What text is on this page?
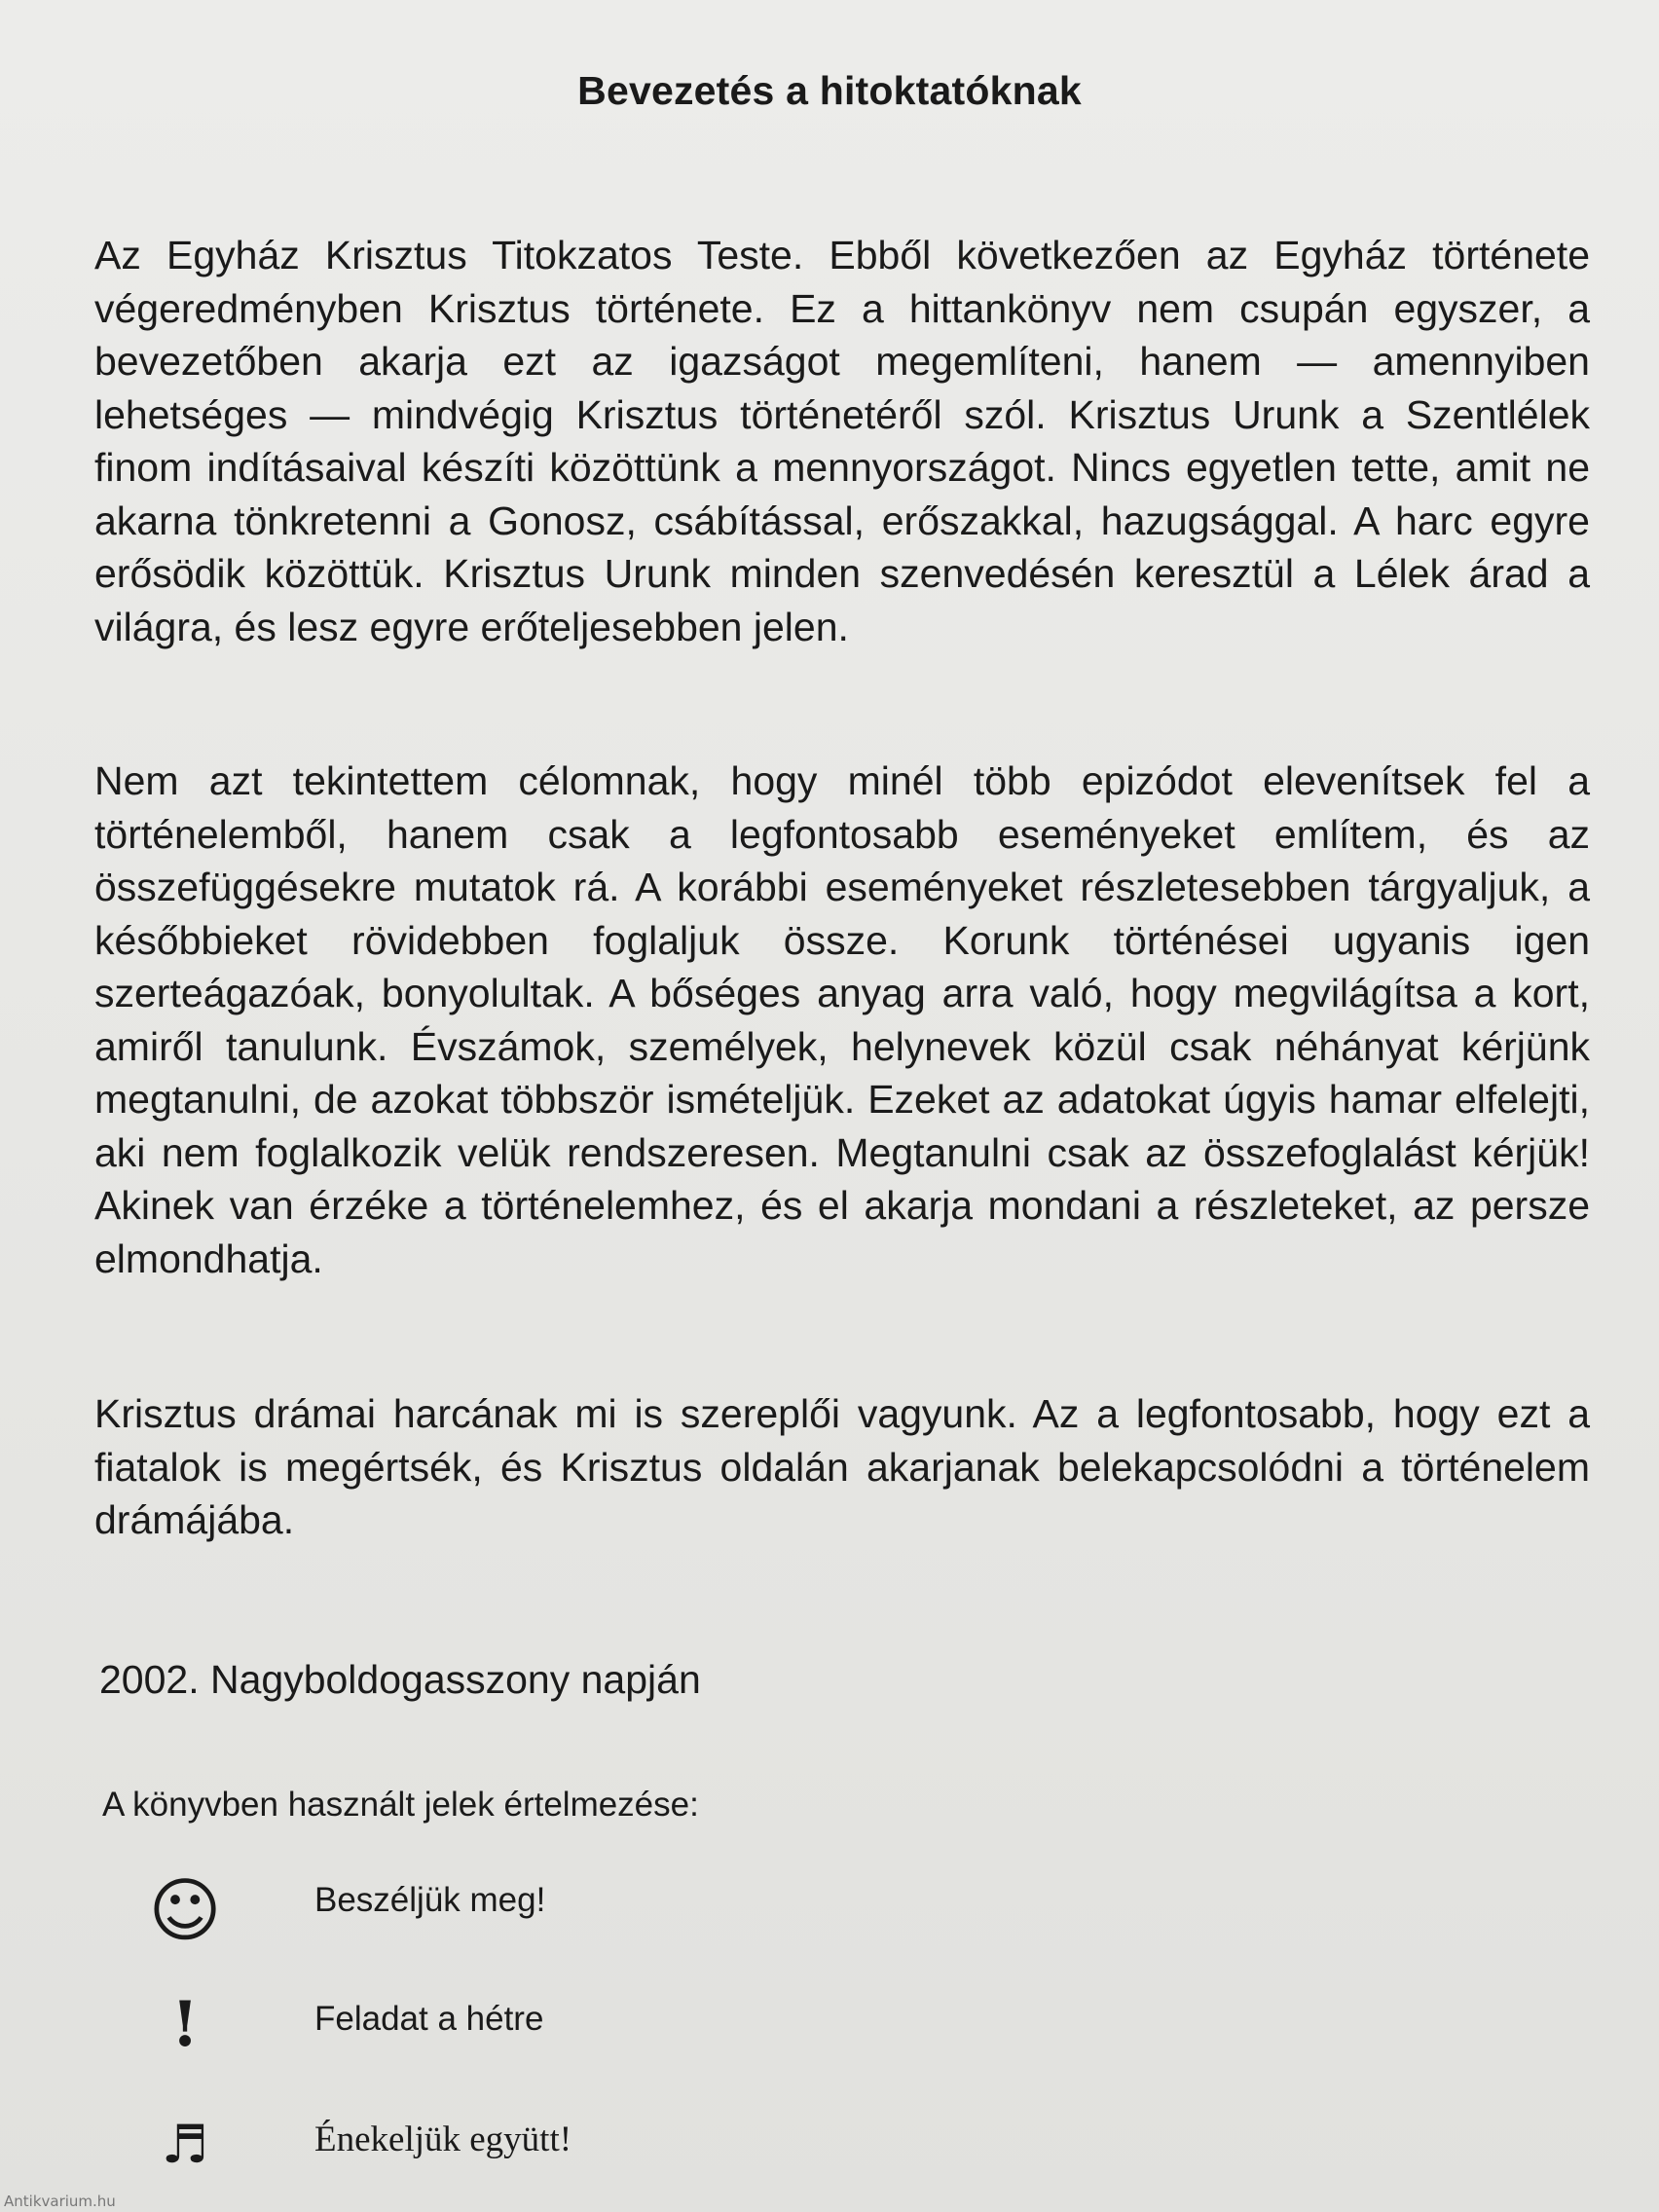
Bevezetés a hitoktatóknak

Az Egyház Krisztus Titokzatos Teste. Ebből következően az Egyház története végeredményben Krisztus története. Ez a hittankönyv nem csupán egyszer, a bevezetőben akarja ezt az igazságot megemlíteni, hanem — amennyiben lehetséges — mindvégig Krisztus történetéről szól. Krisztus Urunk a Szentlélek finom indításaival készíti közöttünk a mennyországot. Nincs egyetlen tette, amit ne akarna tönkretenni a Gonosz, csábítással, erőszakkal, hazugsággal. A harc egyre erősödik közöttük. Krisztus Urunk minden szenvedésén keresztül a Lélek árad a világra, és lesz egyre erőteljesebben jelen.

Nem azt tekintettem célomnak, hogy minél több epizódot elevenítsek fel a történelemből, hanem csak a legfontosabb eseményeket említem, és az összefüggésekre mutatok rá. A korábbi eseményeket részletesebben tárgyaljuk, a későbbieket rövidebben foglaljuk össze. Korunk történései ugyanis igen szerteágazóak, bonyolultak. A bőséges anyag arra való, hogy megvilágítsa a kort, amiről tanulunk. Évszámok, személyek, helynevek közül csak néhányat kérjünk megtanulni, de azokat többször ismételjük. Ezeket az adatokat úgyis hamar elfelejti, aki nem foglalkozik velük rendszeresen. Megtanulni csak az összefoglalást kérjük! Akinek van érzéke a történelemhez, és el akarja mondani a részleteket, az persze elmondhatja.

Krisztus drámai harcának mi is szereplői vagyunk. Az a legfontosabb, hogy ezt a fiatalok is megértsék, és Krisztus oldalán akarjanak belekapcsolódni a történelem drámájába.

2002. Nagyboldogasszony napján
A könyvben használt jelek értelmezése:
☺	Beszéljük meg!
!	Feladat a hétre
♬	Énekeljük együtt!
Antikvarium.hu
